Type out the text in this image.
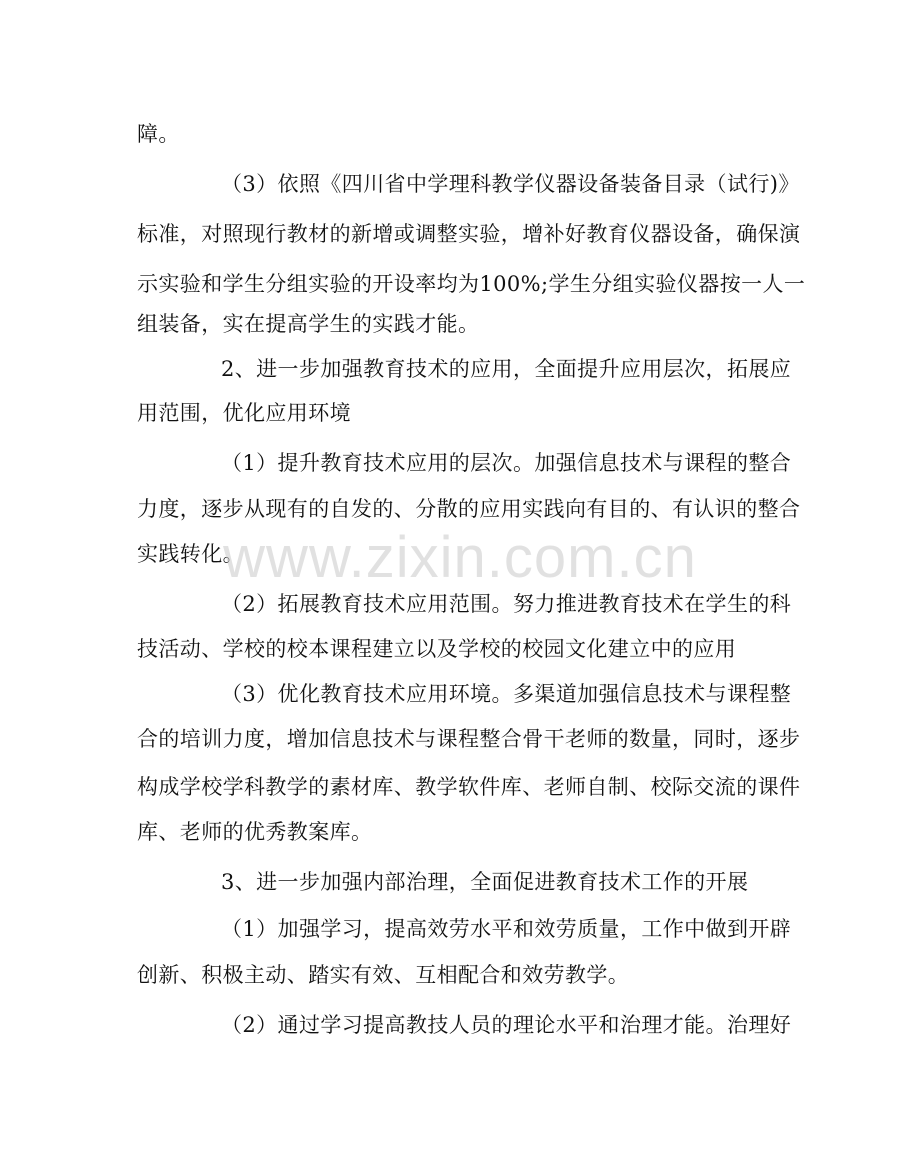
障。
（3）依照《四川省中学理科教学仪器设备装备目录（试行)》
标准，对照现行教材的新增或调整实验，增补好教育仪器设备，确保演
示实验和学生分组实验的开设率均为100%;学生分组实验仪器按一人一
组装备，实在提高学生的实践才能。
2、进一步加强教育技术的应用，全面提升应用层次，拓展应
用范围，优化应用环境
（1）提升教育技术应用的层次。加强信息技术与课程的整合
力度，逐步从现有的自发的、分散的应用实践向有目的、有认识的整合
实践转化。
（2）拓展教育技术应用范围。努力推进教育技术在学生的科
技活动、学校的校本课程建立以及学校的校园文化建立中的应用
（3）优化教育技术应用环境。多渠道加强信息技术与课程整
合的培训力度，增加信息技术与课程整合骨干老师的数量，同时，逐步
构成学校学科教学的素材库、教学软件库、老师自制、校际交流的课件
库、老师的优秀教案库。
3、进一步加强内部治理，全面促进教育技术工作的开展
（1）加强学习，提高效劳水平和效劳质量，工作中做到开辟
创新、积极主动、踏实有效、互相配合和效劳教学。
（2）通过学习提高教技人员的理论水平和治理才能。治理好
www.zixin.com.cn
